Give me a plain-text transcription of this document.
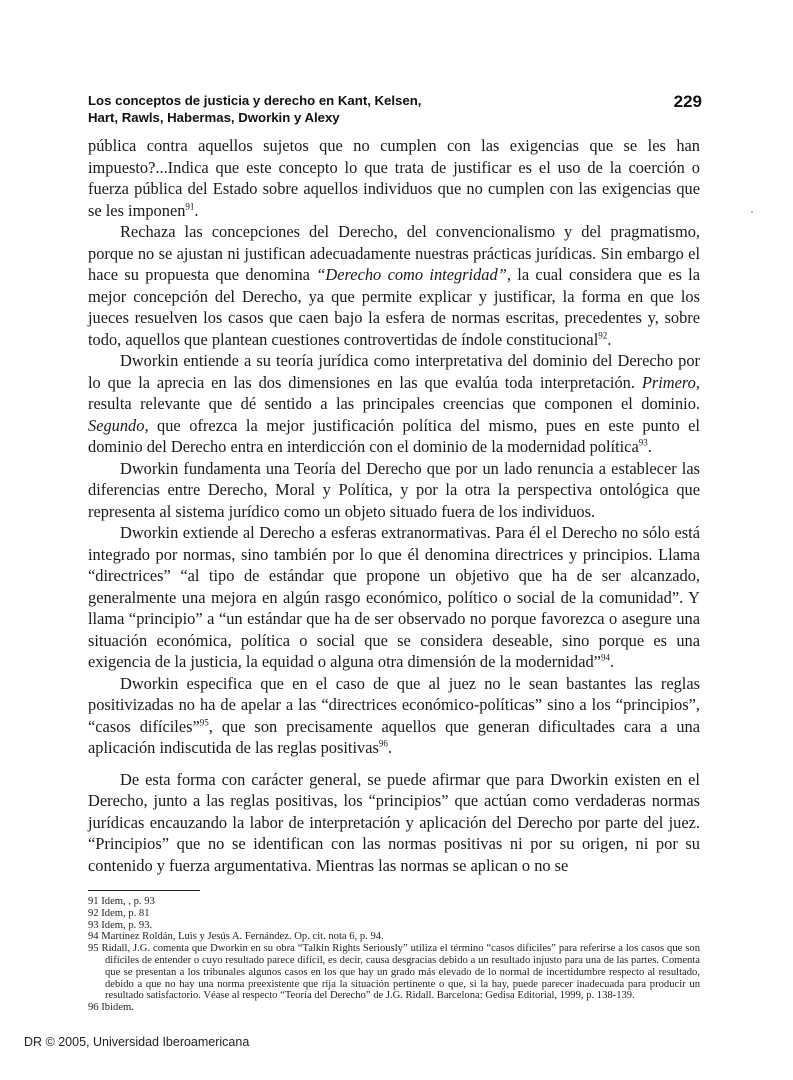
Los conceptos de justicia y derecho en Kant, Kelsen,
Hart, Rawls, Habermas, Dworkin y Alexy
229

pública contra aquellos sujetos que no cumplen con las exigencias que se les han impuesto?...Indica que este concepto lo que trata de justificar es el uso de la coerción o fuerza pública del Estado sobre aquellos individuos que no cumplen con las exigencias que se les imponen$^{91}$.

Rechaza las concepciones del Derecho, del convencionalismo y del pragmatismo, porque no se ajustan ni justifican adecuadamente nuestras prácticas jurídicas. Sin embargo el hace su propuesta que denomina “Derecho como integridad”, la cual considera que es la mejor concepción del Derecho, ya que permite explicar y justificar, la forma en que los jueces resuelven los casos que caen bajo la esfera de normas escritas, precedentes y, sobre todo, aquellos que plantean cuestiones controvertidas de índole constitucional$^{92}$.

Dworkin entiende a su teoría jurídica como interpretativa del dominio del Derecho por lo que la aprecia en las dos dimensiones en las que evalúa toda interpretación. Primero, resulta relevante que dé sentido a las principales creencias que componen el dominio. Segundo, que ofrezca la mejor justificación política del mismo, pues en este punto el dominio del Derecho entra en interdicción con el dominio de la modernidad política$^{93}$.

Dworkin fundamenta una Teoría del Derecho que por un lado renuncia a establecer las diferencias entre Derecho, Moral y Política, y por la otra la perspectiva ontológica que representa al sistema jurídico como un objeto situado fuera de los individuos.

Dworkin extiende al Derecho a esferas extranormativas. Para él el Derecho no sólo está integrado por normas, sino también por lo que él denomina directrices y principios. Llama “directrices” “al tipo de estándar que propone un objetivo que ha de ser alcanzado, generalmente una mejora en algún rasgo económico, político o social de la comunidad”. Y llama “principio” a “un estándar que ha de ser observado no porque favorezca o asegure una situación económica, política o social que se considera deseable, sino porque es una exigencia de la justicia, la equidad o alguna otra dimensión de la modernidad”$^{94}$.

Dworkin especifica que en el caso de que al juez no le sean bastantes las reglas positivizadas no ha de apelar a las “directrices económico-políticas” sino a los “principios”, “casos difíciles”$^{95}$, que son precisamente aquellos que generan dificultades cara a una aplicación indiscutida de las reglas positivas$^{96}$.

De esta forma con carácter general, se puede afirmar que para Dworkin existen en el Derecho, junto a las reglas positivas, los “principios” que actúan como verdaderas normas jurídicas encauzando la labor de interpretación y aplicación del Derecho por parte del juez. “Principios” que no se identifican con las normas positivas ni por su origen, ni por su contenido y fuerza argumentativa. Mientras las normas se aplican o no se

91 Idem, , p. 93

92 Idem, p. 81

93 Idem, p. 93.

94 Martínez Roldán, Luis y Jesús A. Fernández. Op. cit. nota 6, p. 94.

95 Ridall, J.G. comenta que Dworkin en su obra “Talkin Rights Seriously” utiliza el término “casos difíciles” para referirse a los casos que son difíciles de entender o cuyo resultado parece difícil, es decir, causa desgracias debido a un resultado injusto para una de las partes. Comenta que se presentan a los tribunales algunos casos en los que hay un grado más elevado de lo normal de incertidumbre respecto al resultado, debido a que no hay una norma preexistente que rija la situación pertinente o que, si la hay, puede parecer inadecuada para producir un resultado satisfactorio. Véase al respecto “Teoría del Derecho” de J.G. Ridall. Barcelona: Gedisa Editorial, 1999, p. 138-139.

96 Ibidem.

DR © 2005, Universidad Iberoamericana
